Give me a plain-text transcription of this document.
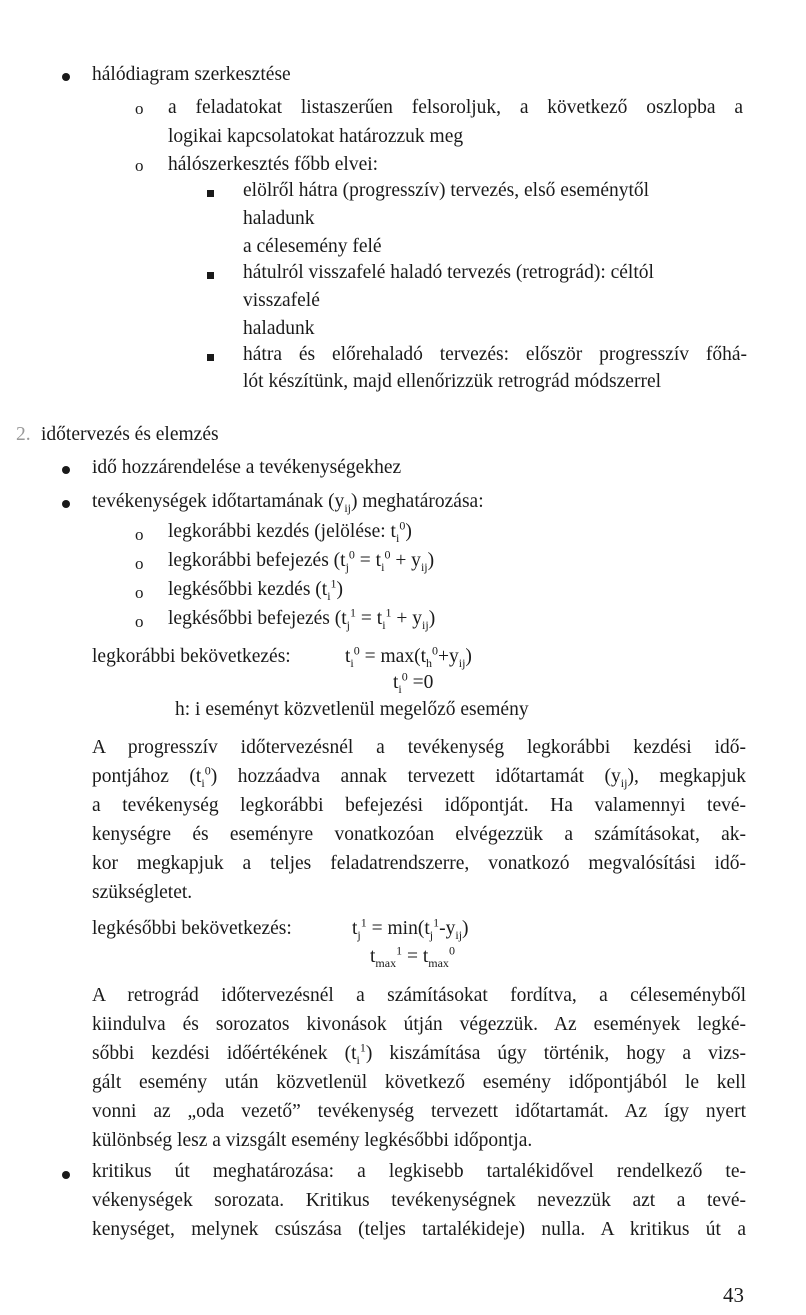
hálódiagram szerkesztése
o a feladatokat listaszerűen felsoroljuk, a következő oszlopba a
logikai kapcsolatokat határozzuk meg
o hálószerkesztés főbb elvei:
elölről hátra (progresszív) tervezés, első eseménytől
haladunk
a célesemény felé
hátulról visszafelé haladó tervezés (retrográd): céltól
visszafelé
haladunk
hátra és előrehaladó tervezés: először progresszív főhá-
lót készítünk, majd ellenőrizzük retrográd módszerrel
2. időtervezés és elemzés
idő hozzárendelése a tevékenységekhez
tevékenységek időtartamának $(y_{ij})$ meghatározása:
o legkorábbi kezdés (jelölése: $t_i^0$)
o legkorábbi befejezés $(t_j^0 = t_i^0 + y_{ij})$
o legkésőbbi kezdés $(t_i^1)$
o legkésőbbi befejezés $(t_j^1 = t_i^1 + y_{ij})$
legkorábbi bekövetkezés:	$t_i^0 = \max(t_h^0+y_{ij})$
$t_i^0 =0$
h: i eseményt közvetlenül megelőző esemény
A progresszív időtervezésnél a tevékenység legkorábbi kezdési idő-
pontjához $(t_i^0)$ hozzáadva annak tervezett időtartamát $(y_{ij})$, megkapjuk
a tevékenység legkorábbi befejezési időpontját. Ha valamennyi tevé-
kenységre és eseményre vonatkozóan elvégezzük a számításokat, ak-
kor megkapjuk a teljes feladatrendszerre, vonatkozó megvalósítási idő-
szükségletet.
legkésőbbi bekövetkezés:	$t_j^1 = \min(t_j^1-y_{ij})$
$t_{max}^1 = t_{max}^0$
A retrográd időtervezésnél a számításokat fordítva, a céleseményből
kiindulva és sorozatos kivonások útján végezzük. Az események legké-
sőbbi kezdési időértékének $(t_i^1)$ kiszámítása úgy történik, hogy a vizs-
gált esemény után közvetlenül következő esemény időpontjából le kell
vonni az „oda vezető” tevékenység tervezett időtartamát. Az így nyert
különbség lesz a vizsgált esemény legkésőbbi időpontja.
kritikus út meghatározása: a legkisebb tartalékidővel rendelkező te-
vékenységek sorozata. Kritikus tevékenységnek nevezzük azt a tevé-
kenységet, melynek csúszása (teljes tartalékideje) nulla. A kritikus út a
43
